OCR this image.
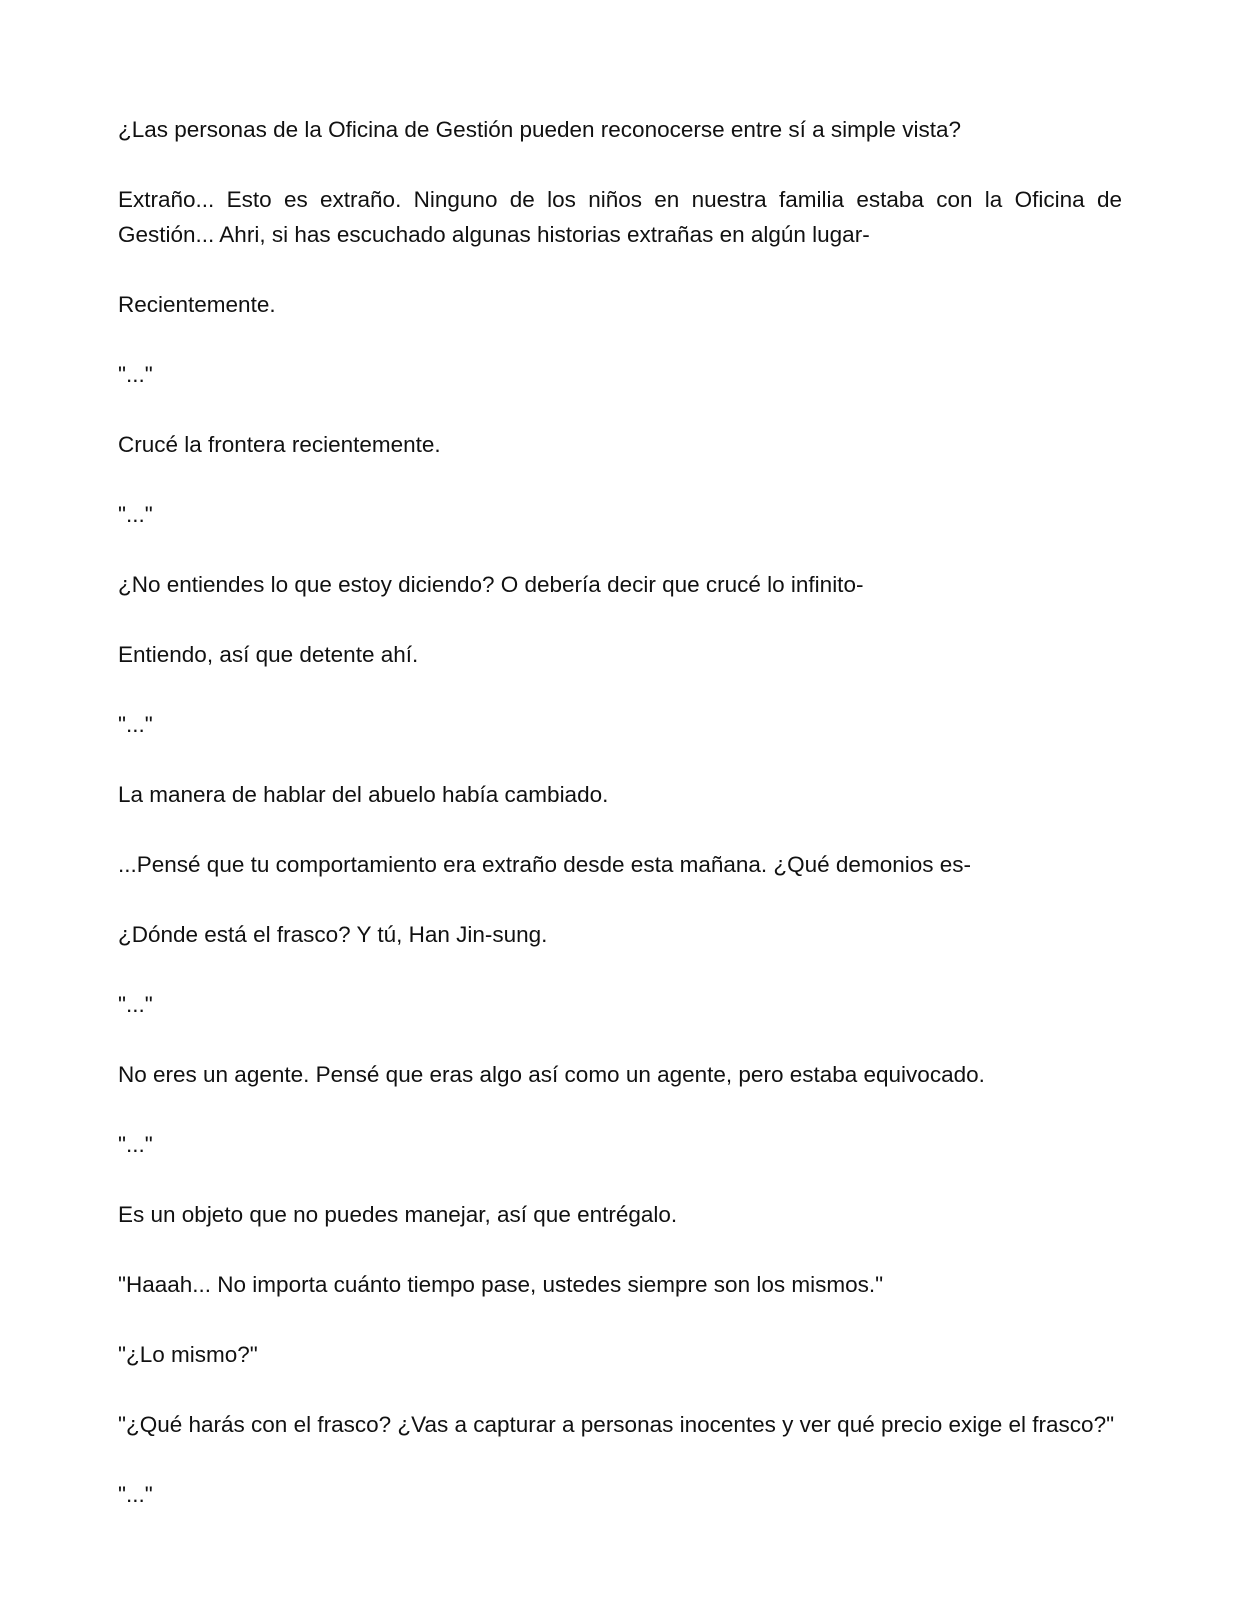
¿Las personas de la Oficina de Gestión pueden reconocerse entre sí a simple vista?

Extraño... Esto es extraño. Ninguno de los niños en nuestra familia estaba con la Oficina de Gestión... Ahri, si has escuchado algunas historias extrañas en algún lugar-

Recientemente.

"..."

Crucé la frontera recientemente.

"..."

¿No entiendes lo que estoy diciendo? O debería decir que crucé lo infinito-

Entiendo, así que detente ahí.

"..."

La manera de hablar del abuelo había cambiado.

...Pensé que tu comportamiento era extraño desde esta mañana. ¿Qué demonios es-

¿Dónde está el frasco? Y tú, Han Jin-sung.

"..."

No eres un agente. Pensé que eras algo así como un agente, pero estaba equivocado.

"..."

Es un objeto que no puedes manejar, así que entrégalo.

"Haaah... No importa cuánto tiempo pase, ustedes siempre son los mismos."

"¿Lo mismo?"

"¿Qué harás con el frasco? ¿Vas a capturar a personas inocentes y ver qué precio exige el frasco?"

"..."
